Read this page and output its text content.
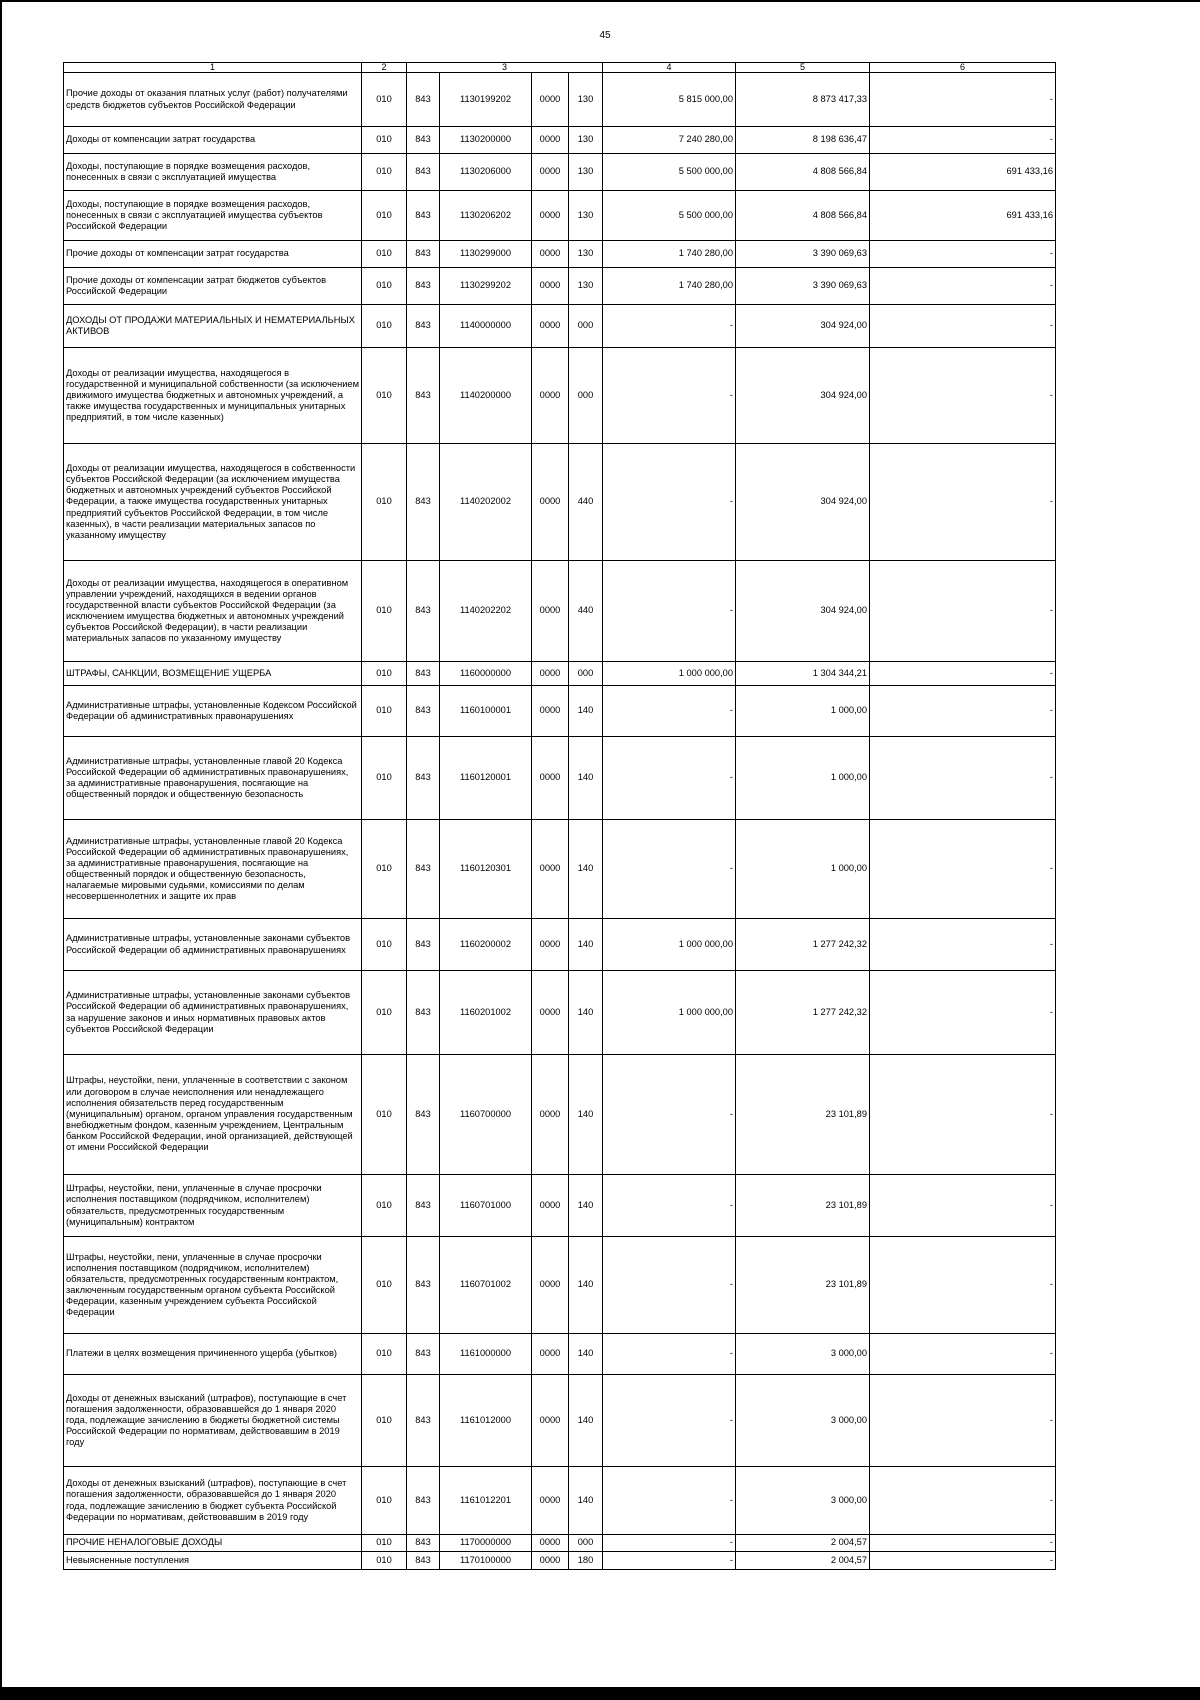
45
1	2	3				4	5	6
Прочие доходы от оказания платных услуг (работ) получателями средств бюджетов субъектов Российской Федерации	010	843	1130199202	0000	130	5 815 000,00	8 873 417,33	-
Доходы от компенсации затрат государства	010	843	1130200000	0000	130	7 240 280,00	8 198 636,47	-
Доходы, поступающие в порядке возмещения расходов, понесенных в связи с эксплуатацией имущества	010	843	1130206000	0000	130	5 500 000,00	4 808 566,84	691 433,16
Доходы, поступающие в порядке возмещения расходов, понесенных в связи с эксплуатацией имущества субъектов Российской Федерации	010	843	1130206202	0000	130	5 500 000,00	4 808 566,84	691 433,16
Прочие доходы от компенсации затрат государства	010	843	1130299000	0000	130	1 740 280,00	3 390 069,63	-
Прочие доходы от компенсации затрат бюджетов субъектов Российской Федерации	010	843	1130299202	0000	130	1 740 280,00	3 390 069,63	-
ДОХОДЫ ОТ ПРОДАЖИ МАТЕРИАЛЬНЫХ И НЕМАТЕРИАЛЬНЫХ АКТИВОВ	010	843	1140000000	0000	000	-	304 924,00	-
Доходы от реализации имущества, находящегося в государственной и муниципальной собственности (за исключением движимого имущества бюджетных и автономных учреждений, а также имущества государственных и муниципальных унитарных предприятий, в том числе казенных)	010	843	1140200000	0000	000	-	304 924,00	-
Доходы от реализации имущества, находящегося в собственности субъектов Российской Федерации (за исключением имущества бюджетных и автономных учреждений субъектов Российской Федерации, а также имущества государственных унитарных предприятий субъектов Российской Федерации, в том числе казенных), в части реализации материальных запасов по указанному имуществу	010	843	1140202002	0000	440	-	304 924,00	-
Доходы от реализации имущества, находящегося в оперативном управлении учреждений, находящихся в ведении органов государственной власти субъектов Российской Федерации (за исключением имущества бюджетных и автономных учреждений субъектов Российской Федерации), в части реализации материальных запасов по указанному имуществу	010	843	1140202202	0000	440	-	304 924,00	-
ШТРАФЫ, САНКЦИИ, ВОЗМЕЩЕНИЕ УЩЕРБА	010	843	1160000000	0000	000	1 000 000,00	1 304 344,21	-
Административные штрафы, установленные Кодексом Российской Федерации об административных правонарушениях	010	843	1160100001	0000	140	-	1 000,00	-
Административные штрафы, установленные главой 20 Кодекса Российской Федерации об административных правонарушениях, за административные правонарушения, посягающие на общественный порядок и общественную безопасность	010	843	1160120001	0000	140	-	1 000,00	-
Административные штрафы, установленные главой 20 Кодекса Российской Федерации об административных правонарушениях, за административные правонарушения, посягающие на общественный порядок и общественную безопасность, налагаемые мировыми судьями, комиссиями по делам несовершеннолетних и защите их прав	010	843	1160120301	0000	140	-	1 000,00	-
Административные штрафы, установленные законами субъектов Российской Федерации об административных правонарушениях	010	843	1160200002	0000	140	1 000 000,00	1 277 242,32	-
Административные штрафы, установленные законами субъектов Российской Федерации об административных правонарушениях, за нарушение законов и иных нормативных правовых актов субъектов Российской Федерации	010	843	1160201002	0000	140	1 000 000,00	1 277 242,32	-
Штрафы, неустойки, пени, уплаченные в соответствии с законом или договором в случае неисполнения или ненадлежащего исполнения обязательств перед государственным (муниципальным) органом, органом управления государственным внебюджетным фондом, казенным учреждением, Центральным банком Российской Федерации, иной организацией, действующей от имени Российской Федерации	010	843	1160700000	0000	140	-	23 101,89	-
Штрафы, неустойки, пени, уплаченные в случае просрочки исполнения поставщиком (подрядчиком, исполнителем) обязательств, предусмотренных государственным (муниципальным) контрактом	010	843	1160701000	0000	140	-	23 101,89	-
Штрафы, неустойки, пени, уплаченные в случае просрочки исполнения поставщиком (подрядчиком, исполнителем) обязательств, предусмотренных государственным контрактом, заключенным государственным органом субъекта Российской Федерации, казенным учреждением субъекта Российской Федерации	010	843	1160701002	0000	140	-	23 101,89	-
Платежи в целях возмещения причиненного ущерба (убытков)	010	843	1161000000	0000	140	-	3 000,00	-
Доходы от денежных взысканий (штрафов), поступающие в счет погашения задолженности, образовавшейся до 1 января 2020 года, подлежащие зачислению в бюджеты бюджетной системы Российской Федерации по нормативам, действовавшим в 2019 году	010	843	1161012000	0000	140	-	3 000,00	-
Доходы от денежных взысканий (штрафов), поступающие в счет погашения задолженности, образовавшейся до 1 января 2020 года, подлежащие зачислению в бюджет субъекта Российской Федерации по нормативам, действовавшим в 2019 году	010	843	1161012201	0000	140	-	3 000,00	-
ПРОЧИЕ НЕНАЛОГОВЫЕ ДОХОДЫ	010	843	1170000000	0000	000	-	2 004,57	-
Невыясненные поступления	010	843	1170100000	0000	180	-	2 004,57	-
